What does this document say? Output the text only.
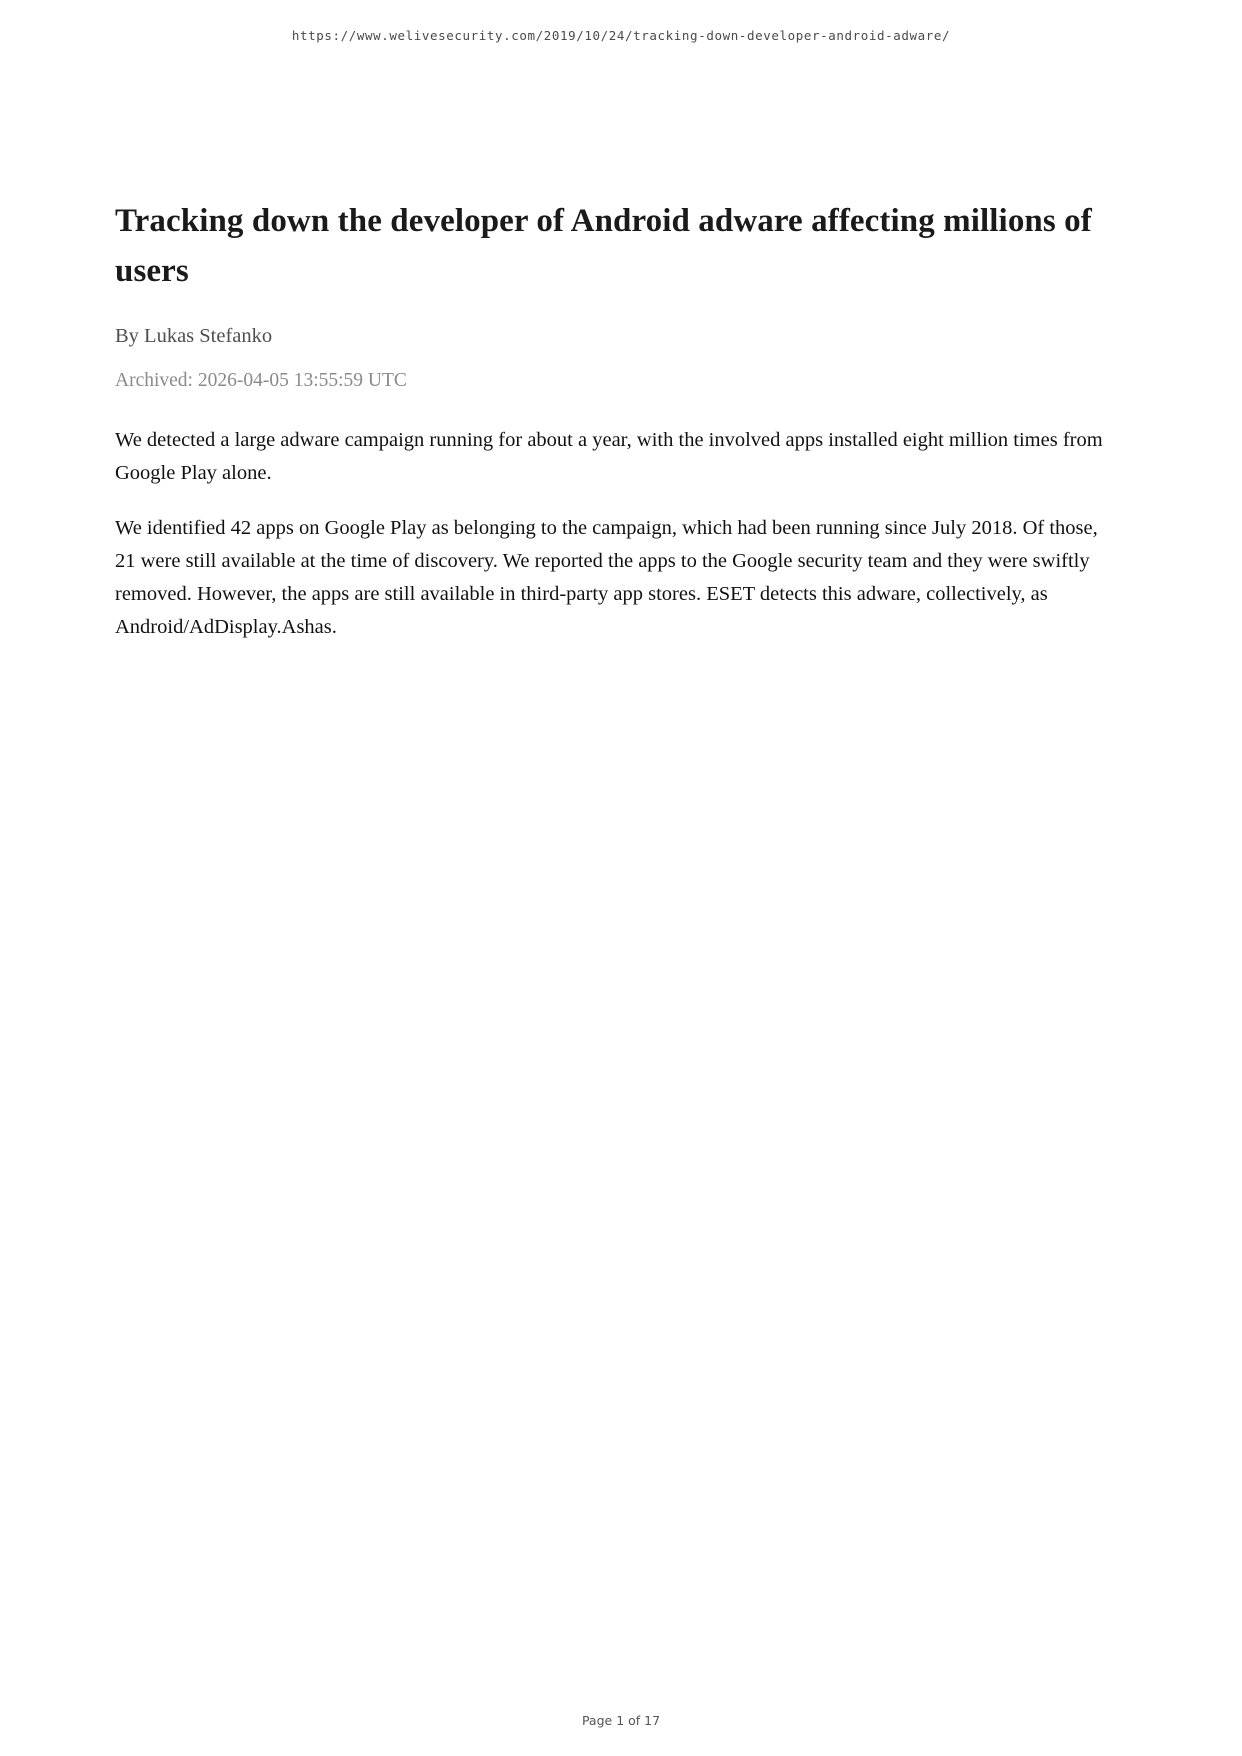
https://www.welivesecurity.com/2019/10/24/tracking-down-developer-android-adware/
Tracking down the developer of Android adware affecting millions of users
By Lukas Stefanko
Archived: 2026-04-05 13:55:59 UTC

We detected a large adware campaign running for about a year, with the involved apps installed eight million times from Google Play alone.

We identified 42 apps on Google Play as belonging to the campaign, which had been running since July 2018. Of those, 21 were still available at the time of discovery. We reported the apps to the Google security team and they were swiftly removed. However, the apps are still available in third-party app stores. ESET detects this adware, collectively, as Android/AdDisplay.Ashas.

Page 1 of 17
